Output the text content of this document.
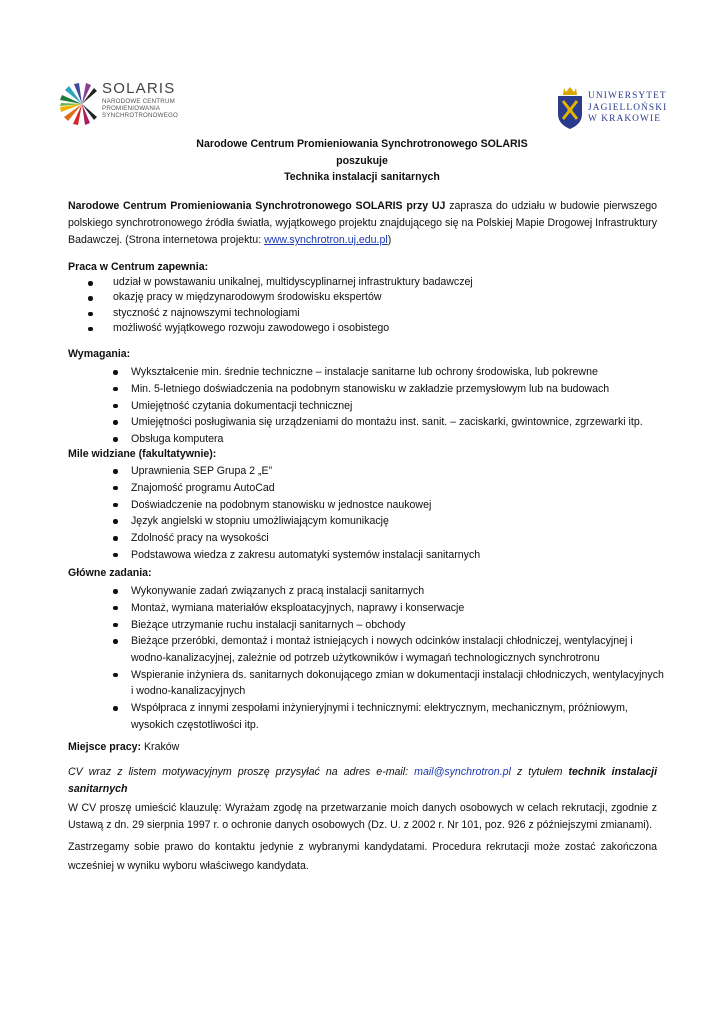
SOLARIS
NARODOWE CENTRUM
PROMIENIOWANIA
SYNCHROTRONOWEGO
UNIWERSYTET
JAGIELLOŃSKI
W KRAKOWIE
Narodowe Centrum Promieniowania Synchrotronowego SOLARIS
poszukuje
Technika instalacji sanitarnych
Narodowe Centrum Promieniowania Synchrotronowego SOLARIS przy UJ zaprasza do udziału w budowie pierwszego polskiego synchrotronowego źródła światła, wyjątkowego projektu znajdującego się na Polskiej Mapie Drogowej Infrastruktury Badawczej. (Strona internetowa projektu: www.synchrotron.uj.edu.pl)
Praca w Centrum zapewnia:
udział w powstawaniu unikalnej, multidyscyplinarnej infrastruktury badawczej
okazję pracy w międzynarodowym środowisku ekspertów
styczność z najnowszymi technologiami
możliwość wyjątkowego rozwoju zawodowego i osobistego
Wymagania:
Wykształcenie min. średnie techniczne – instalacje sanitarne lub ochrony środowiska, lub pokrewne
Min. 5-letniego doświadczenia na podobnym stanowisku w zakładzie przemysłowym lub na budowach
Umiejętność czytania dokumentacji technicznej
Umiejętności posługiwania się urządzeniami do montażu inst. sanit. – zaciskarki, gwintownice, zgrzewarki itp.
Obsługa komputera
Mile widziane (fakultatywnie):
Uprawnienia SEP Grupa 2 „E”
Znajomość programu AutoCad
Doświadczenie na podobnym stanowisku w jednostce naukowej
Język angielski w stopniu umożliwiającym komunikację
Zdolność pracy na wysokości
Podstawowa wiedza z zakresu automatyki systemów instalacji sanitarnych
Główne zadania:
Wykonywanie zadań związanych z pracą instalacji sanitarnych
Montaż, wymiana materiałów eksploatacyjnych, naprawy i konserwacje
Bieżące utrzymanie ruchu instalacji sanitarnych – obchody
Bieżące przeróbki, demontaż i montaż istniejących i nowych odcinków instalacji chłodniczej, wentylacyjnej i wodno-kanalizacyjnej, zależnie od potrzeb użytkowników i wymagań technologicznych synchrotronu
Wspieranie inżyniera ds. sanitarnych dokonującego zmian w dokumentacji instalacji chłodniczych, wentylacyjnych i wodno-kanalizacyjnych
Współpraca z innymi zespołami inżynieryjnymi i technicznymi: elektrycznym, mechanicznym, próżniowym, wysokich częstotliwości itp.
Miejsce pracy: Kraków
CV wraz z listem motywacyjnym proszę przysyłać na adres e-mail: mail@synchrotron.pl z tytułem technik instalacji sanitarnych
W CV proszę umieścić klauzulę: Wyrażam zgodę na przetwarzanie moich danych osobowych w celach rekrutacji, zgodnie z Ustawą z dn. 29 sierpnia 1997 r. o ochronie danych osobowych (Dz. U. z 2002 r. Nr 101, poz. 926 z późniejszymi zmianami).
Zastrzegamy sobie prawo do kontaktu jedynie z wybranymi kandydatami. Procedura rekrutacji może zostać zakończona wcześniej w wyniku wyboru właściwego kandydata.
